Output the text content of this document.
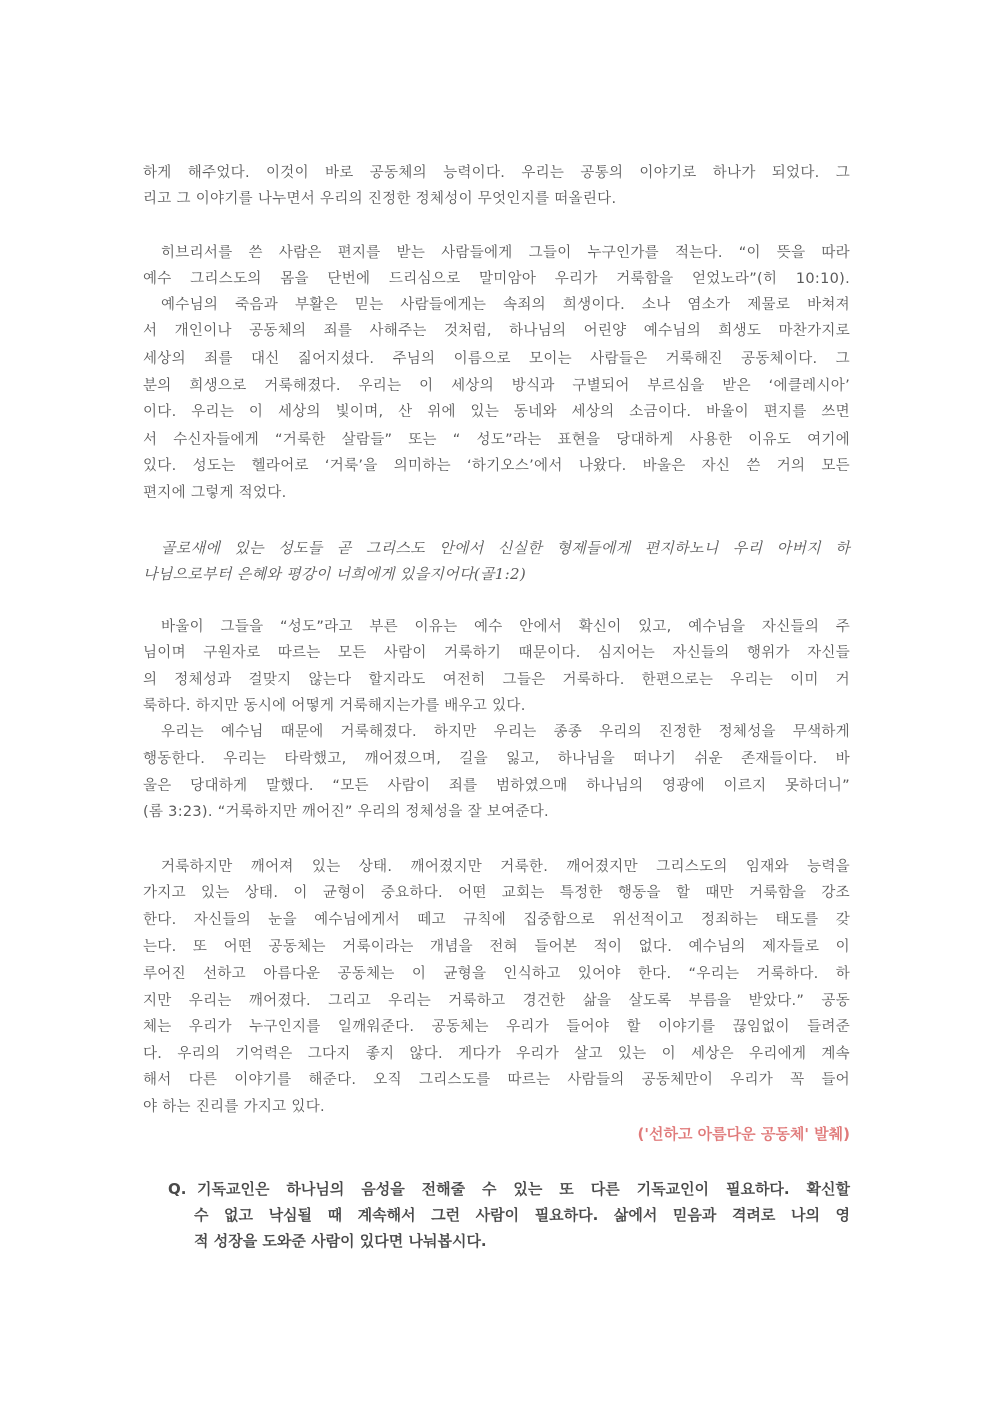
하게 해주었다. 이것이 바로 공동체의 능력이다. 우리는 공통의 이야기로 하나가 되었다. 그
리고 그 이야기를 나누면서 우리의 진정한 정체성이 무엇인지를 떠올린다.
히브리서를 쓴 사람은 편지를 받는 사람들에게 그들이 누구인가를 적는다. “이 뜻을 따라
예수 그리스도의 몸을 단번에 드리심으로 말미암아 우리가 거룩함을 얻었노라”(히 10:10).
예수님의 죽음과 부활은 믿는 사람들에게는 속죄의 희생이다. 소나 염소가 제물로 바쳐져
서 개인이나 공동체의 죄를 사해주는 것처럼, 하나님의 어린양 예수님의 희생도 마찬가지로
세상의 죄를 대신 짊어지셨다. 주님의 이름으로 모이는 사람들은 거룩해진 공동체이다. 그
분의 희생으로 거룩해졌다. 우리는 이 세상의 방식과 구별되어 부르심을 받은 ‘에클레시아’
이다. 우리는 이 세상의 빛이며, 산 위에 있는 동네와 세상의 소금이다. 바울이 편지를 쓰면
서 수신자들에게 “거룩한 살람들” 또는 “ 성도”라는 표현을 당대하게 사용한 이유도 여기에
있다. 성도는 헬라어로 ‘거룩’을 의미하는 ‘하기오스’에서 나왔다. 바울은 자신 쓴 거의 모든
편지에 그렇게 적었다.
골로새에 있는 성도들 곧 그리스도 안에서 신실한 형제들에게 편지하노니 우리 아버지 하
나님으로부터 은혜와 평강이 너희에게 있을지어다(골1:2)
바울이 그들을 “성도”라고 부른 이유는 예수 안에서 확신이 있고, 예수님을 자신들의 주
님이며 구원자로 따르는 모든 사람이 거룩하기 때문이다. 심지어는 자신들의 행위가 자신들
의 정체성과 걸맞지 않는다 할지라도 여전히 그들은 거룩하다. 한편으로는 우리는 이미 거
룩하다. 하지만 동시에 어떻게 거룩해지는가를 배우고 있다.
우리는 예수님 때문에 거룩해졌다. 하지만 우리는 종종 우리의 진정한 정체성을 무색하게
행동한다. 우리는 타락했고, 깨어졌으며, 길을 잃고, 하나님을 떠나기 쉬운 존재들이다. 바
울은 당대하게 말했다. “모든 사람이 죄를 범하였으매 하나님의 영광에 이르지 못하더니”
(롬 3:23). “거룩하지만 깨어진” 우리의 정체성을 잘 보여준다.
거룩하지만 깨어져 있는 상태. 깨어졌지만 거룩한. 깨어졌지만 그리스도의 임재와 능력을
가지고 있는 상태. 이 균형이 중요하다. 어떤 교회는 특정한 행동을 할 때만 거룩함을 강조
한다. 자신들의 눈을 예수님에게서 떼고 규칙에 집중함으로 위선적이고 정죄하는 태도를 갖
는다. 또 어떤 공동체는 거룩이라는 개념을 전혀 들어본 적이 없다. 예수님의 제자들로 이
루어진 선하고 아름다운 공동체는 이 균형을 인식하고 있어야 한다. “우리는 거룩하다. 하
지만 우리는 깨어졌다. 그리고 우리는 거룩하고 경건한 삶을 살도록 부름을 받았다.” 공동
체는 우리가 누구인지를 일깨워준다. 공동체는 우리가 들어야 할 이야기를 끊임없이 들려준
다. 우리의 기억력은 그다지 좋지 않다. 게다가 우리가 살고 있는 이 세상은 우리에게 계속
해서 다른 이야기를 해준다. 오직 그리스도를 따르는 사람들의 공동체만이 우리가 꼭 들어
야 하는 진리를 가지고 있다.
('선하고 아름다운 공동체' 발췌)
Q. 기독교인은 하나님의 음성을 전해줄 수 있는 또 다른 기독교인이 필요하다. 확신할
수 없고 낙심될 때 계속해서 그런 사람이 필요하다. 삶에서 믿음과 격려로 나의 영
적 성장을 도와준 사람이 있다면 나눠봅시다.
